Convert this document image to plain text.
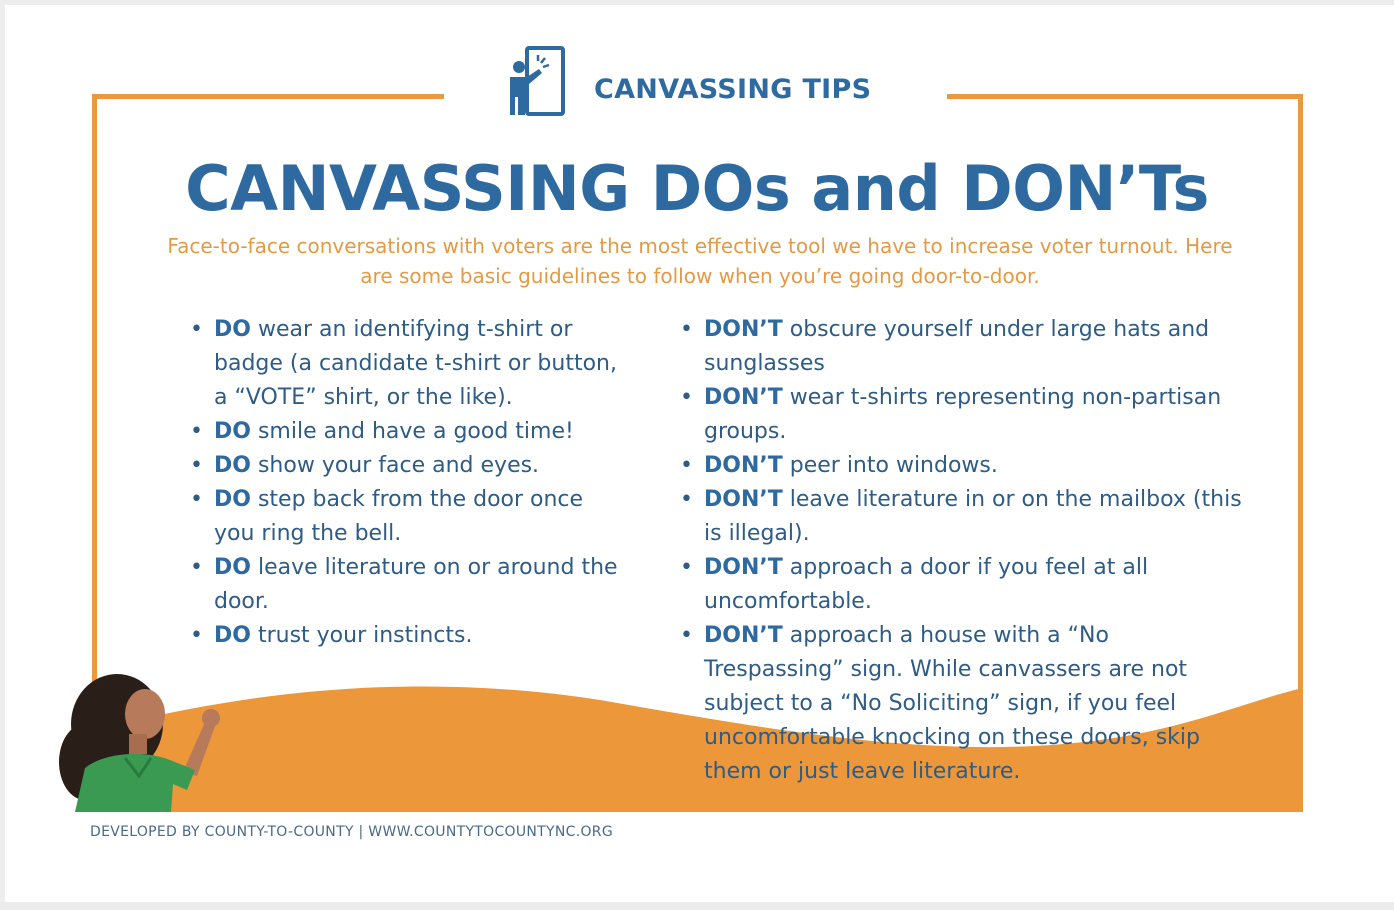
CANVASSING TIPS
CANVASSING DOs and DON’Ts
Face-to-face conversations with voters are the most effective tool we have to increase voter turnout. Here are some basic guidelines to follow when you’re going door-to-door.
• DO wear an identifying t-shirt or badge (a candidate t-shirt or button, a “VOTE” shirt, or the like).
• DO smile and have a good time!
• DO show your face and eyes.
• DO step back from the door once you ring the bell.
• DO leave literature on or around the door.
• DO trust your instincts.
• DON’T obscure yourself under large hats and sunglasses
• DON’T wear t-shirts representing non-partisan groups.
• DON’T peer into windows.
• DON’T leave literature in or on the mailbox (this is illegal).
• DON’T approach a door if you feel at all uncomfortable.
• DON’T approach a house with a “No Trespassing” sign. While canvassers are not subject to a “No Soliciting” sign, if you feel uncomfortable knocking on these doors, skip them or just leave literature.
DEVELOPED BY COUNTY-TO-COUNTY | WWW.COUNTYTOCOUNTYNC.ORG
